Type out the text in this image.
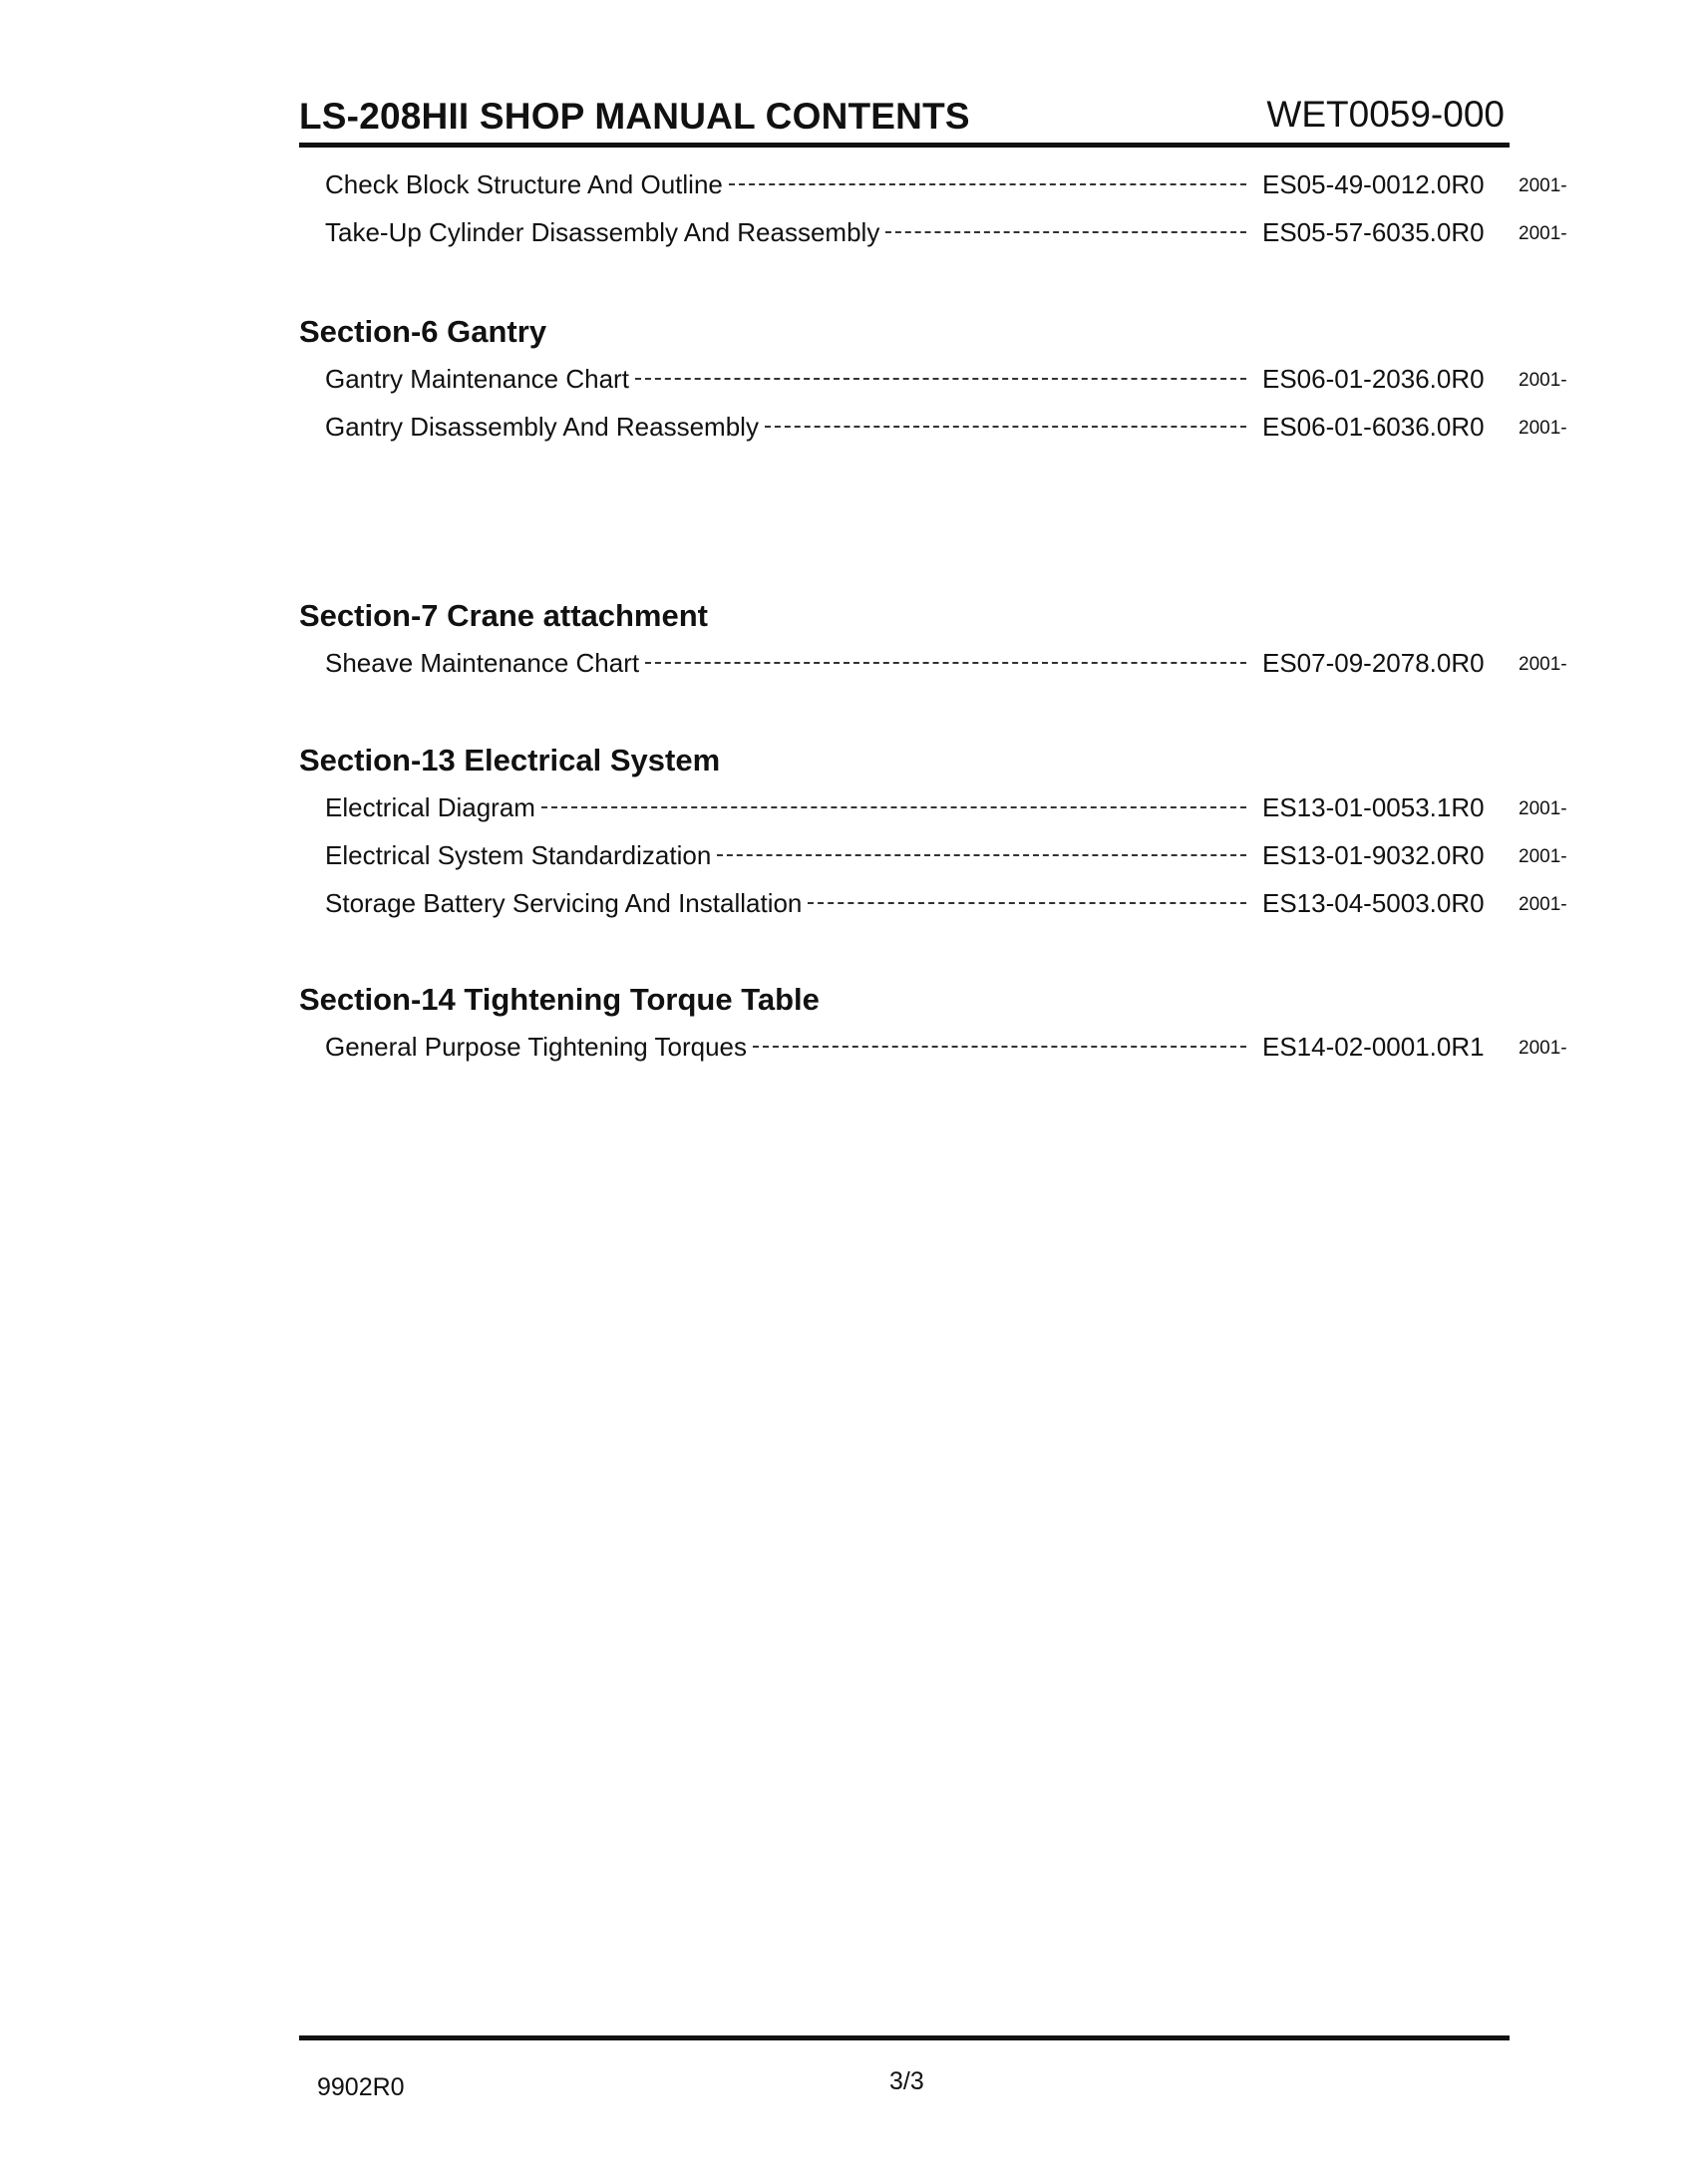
LS-208HII SHOP MANUAL CONTENTS	WET0059-000
Check Block Structure And Outline	ES05-49-0012.0R0 2001-
Take-Up Cylinder Disassembly And Reassembly	ES05-57-6035.0R0 2001-
Section-6 Gantry
Gantry Maintenance Chart	ES06-01-2036.0R0 2001-
Gantry Disassembly And Reassembly	ES06-01-6036.0R0 2001-
Section-7 Crane attachment
Sheave Maintenance Chart	ES07-09-2078.0R0 2001-
Section-13 Electrical System
Electrical Diagram	ES13-01-0053.1R0 2001-
Electrical System Standardization	ES13-01-9032.0R0 2001-
Storage Battery Servicing And Installation	ES13-04-5003.0R0 2001-
Section-14 Tightening Torque Table
General Purpose Tightening Torques	ES14-02-0001.0R1 2001-
9902R0	3/3
